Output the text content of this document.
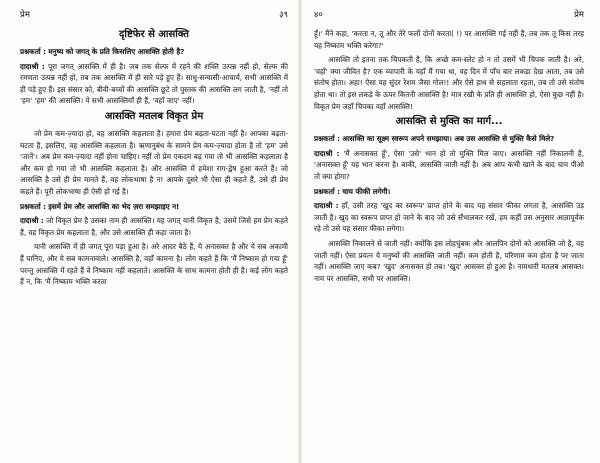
प्रेम	३९
दृष्टिफेर से आसक्ति

प्रश्नकर्ता : मनुष्य को जगत् के प्रति किसलिए आसक्ति होती है?

दादाश्री : पूरा जगत् आसक्ति में ही है। जब तक सेल्फ में रहने की शक्ति उत्पन्न नहीं हो, सेल्फ की रमणता उत्पन्न नहीं हो, तब तक आसक्ति में ही सारे पड़े हुए हैं। साधु-सन्यासी-आचार्य, सभी आसक्ति में ही पड़े हुए हैं। इस संसार को, बीवी-बच्चों की आसक्ति छूटे तो पुस्तक की आसक्ति लग जाती है, 'नहीं तो 'हम' 'हम' की आसक्ति। ये सभी आसक्तियाँ ही हैं, 'वहाँ जाए' नहीं।

आसक्ति मतलब विकृत प्रेम

जो प्रेम कम-ज़्यादा हो, वह आसक्ति कहलाता है। हमारा प्रेम बढ़ता-घटता नहीं है। आपका बढ़ता-घटता है, इसलिए, वह आसक्ति कहलाता है। ऋणानुबंध के सामने प्रेम कम-ज़्यादा होता है तो 'हम' उसे 'जानें'। अब प्रेम कम-ज़्यादा नहीं होना चाहिए। नहीं तो प्रेम एकदम बढ़ गया तो भी आसक्ति कहलाता है और कम हो गया तो भी आसक्ति कहलाता है। और आसक्ति में हमेशा राग-द्वेष हुआ करते हैं। जो आसक्ति है उसे ही प्रेम मानते हैं, वह लोकभाषा है न! आपके दूसरे भी ऐसा ही कहते हैं, उसे ही प्रेम कहते हैं। पूरी लोकभाषा ही ऐसी हो गई है।

प्रश्नकर्ता : इसमें प्रेम और आसक्ति का भेद ज़रा समझाइए न!

दादाश्री : जो विकृत प्रेम है उसका नाम ही आसक्ति। यह जगत् यानी विकृत है, उसमें जिसे हम प्रेम कहते हैं, वह विकृत प्रेम कहलाता है, और उसे आसक्ति ही कहा जाता है।

यानी आसक्ति में ही जगत् पूरा पड़ा हुआ है। अरे आदर बैठे हैं, ये अनासक्त है और ये सब अकामी हैं यानिए, और ये सब कामनावाले। आसक्ति है, वहाँ कामना है। लोग कहते हैं कि 'मैं निष्काम हो गया हूँ' परन्तु आसक्ति में रहते हैं वे निष्काम नहीं कहलाते। आसक्ति के साथ कामना होती ही है। कई लोग कहते हैं न, कि 'मैं निष्काम भक्ति करता

४०	प्रेम

हूँ।' मैंने कहा, 'करता न, तू और तेरे फलों दोनों करता( !) पर आसक्ति गई नहीं है, तब तक तू किस तरह यह निष्काम भक्ति करेगा?'

आसक्ति तो इतना तक चिपकती है, कि अच्छे कम-स्लेट हो न तो उसमें भी चिपक जाती है। अरे, 'वहाँ' क्या जीवित है? एक व्यापारी के यहाँ मैं गया था, वह दिन में पाँच बार लकड़ा देख आता, तब उसे संतोष होता। अहा! ऐसा यह सुंदर रेशम जैसा गोल!! और ऐसे हाथ से सहलाता रहता, तब तो उसे संतोष होता था। तो इस लकड़े के ऊपर कितनी आसक्ति है! मात्र रखी के प्रति ही आसक्ति हो, ऐसा कुछ नहीं है। विकृत प्रेम जहाँ चिपका वहाँ आसक्ति!

आसक्ति से मुक्ति का मार्ग...

प्रश्नकर्ता : आसक्ति का सूक्ष्म स्वरूप अपने समझाया। अब उस आसक्ति से मुक्ति कैसे मिले?

दादाश्री : 'मैं अनासक्त हूँ', ऐसा 'उसे' भान हो तो मुक्ति मिल जाए। आसक्ति नहीं निकालनी है, 'अनासक्त हूँ' यह भान करना है। बाकी, आसक्ति जाती नहीं है। अब आप कभी खाने के बाद चाय पीओ तो क्या होगा?

प्रश्नकर्ता : चाय फीकी लगेगी।

दादाश्री : हाँ, उसी तरह 'खुद का स्वरूप' प्राप्त होने के बाद यह संसार फीका लगता है, आसक्ति उड़ जाती है। खुद का स्वरूप प्राप्त हो जाने के बाद जो उसे सँभालकर रखें, हम कहीं उस अनुसार आज्ञापूर्वक रहे तो उसे यह संसार फीका लगेगा।

आसक्ति निकालने से जाती नहीं। क्योंकि इस लोहचुंबक और आलपिन दोनों को आसक्ति जो है, वह जाती नहीं। ऐसा प्रयत्न ये मनुष्यों की आसक्ति जाती नहीं। कम होती है, परिणाम कम होता है पर जाता नहीं। आसक्ति जाए कब? 'खुद' अनासक्त हो तब। 'खुद' आसक्त हो हुआ है। नामधारी मतलब आसक्त। नाम पर आसक्ति, सभी पर आसक्ति।
